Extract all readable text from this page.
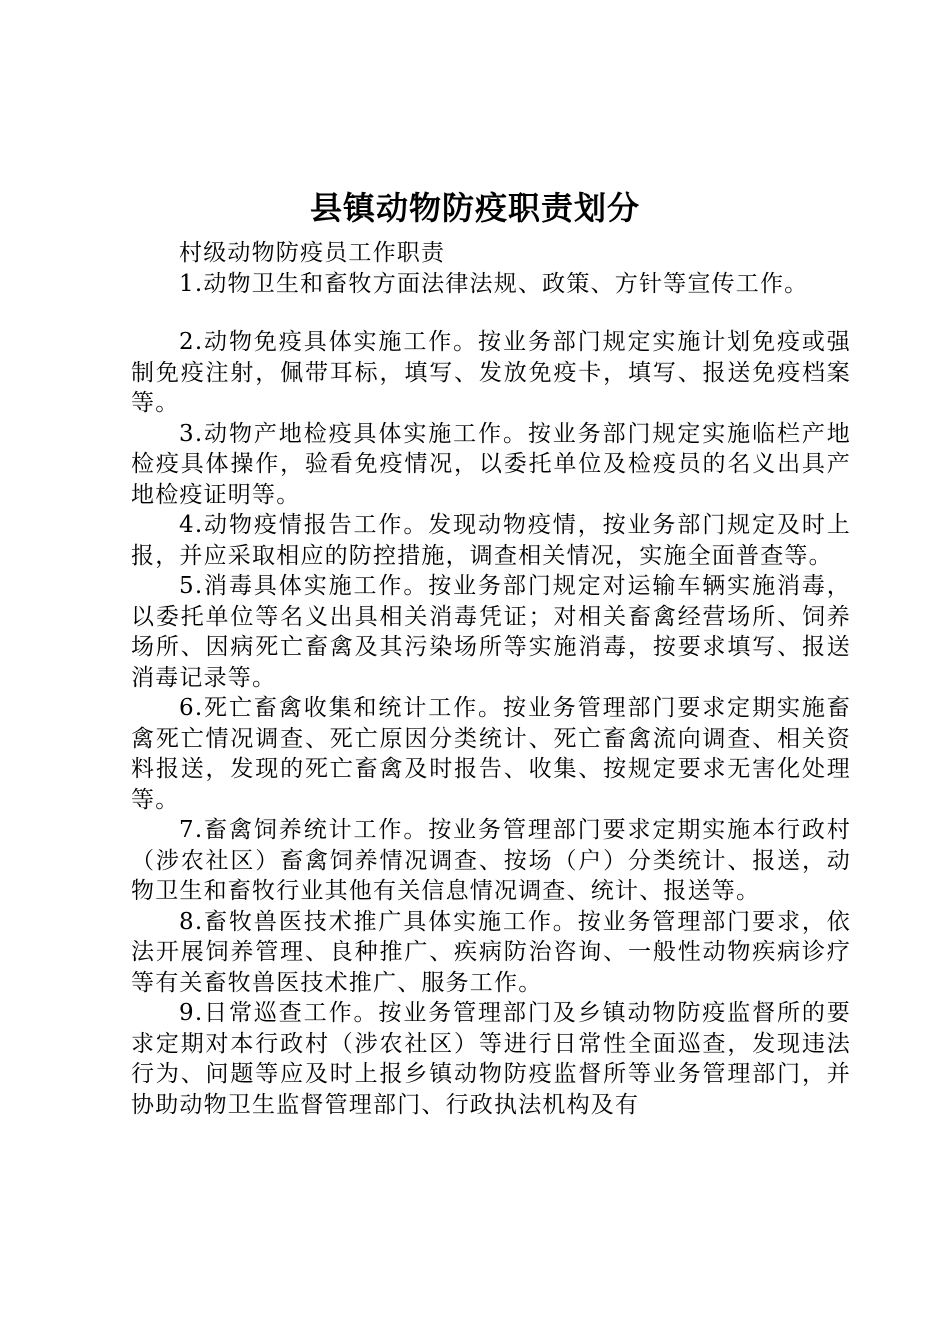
县镇动物防疫职责划分

村级动物防疫员工作职责

1.动物卫生和畜牧方面法律法规、政策、方针等宣传工作。

2.动物免疫具体实施工作。按业务部门规定实施计划免疫或强制免疫注射，佩带耳标，填写、发放免疫卡，填写、报送免疫档案等。

3.动物产地检疫具体实施工作。按业务部门规定实施临栏产地检疫具体操作，验看免疫情况，以委托单位及检疫员的名义出具产地检疫证明等。

4.动物疫情报告工作。发现动物疫情，按业务部门规定及时上报，并应采取相应的防控措施，调查相关情况，实施全面普查等。

5.消毒具体实施工作。按业务部门规定对运输车辆实施消毒，以委托单位等名义出具相关消毒凭证；对相关畜禽经营场所、饲养场所、因病死亡畜禽及其污染场所等实施消毒，按要求填写、报送消毒记录等。

6.死亡畜禽收集和统计工作。按业务管理部门要求定期实施畜禽死亡情况调查、死亡原因分类统计、死亡畜禽流向调查、相关资料报送，发现的死亡畜禽及时报告、收集、按规定要求无害化处理等。

7.畜禽饲养统计工作。按业务管理部门要求定期实施本行政村（涉农社区）畜禽饲养情况调查、按场（户）分类统计、报送，动物卫生和畜牧行业其他有关信息情况调查、统计、报送等。

8.畜牧兽医技术推广具体实施工作。按业务管理部门要求，依法开展饲养管理、良种推广、疾病防治咨询、一般性动物疾病诊疗等有关畜牧兽医技术推广、服务工作。

9.日常巡查工作。按业务管理部门及乡镇动物防疫监督所的要求定期对本行政村（涉农社区）等进行日常性全面巡查，发现违法行为、问题等应及时上报乡镇动物防疫监督所等业务管理部门，并协助动物卫生监督管理部门、行政执法机构及有
